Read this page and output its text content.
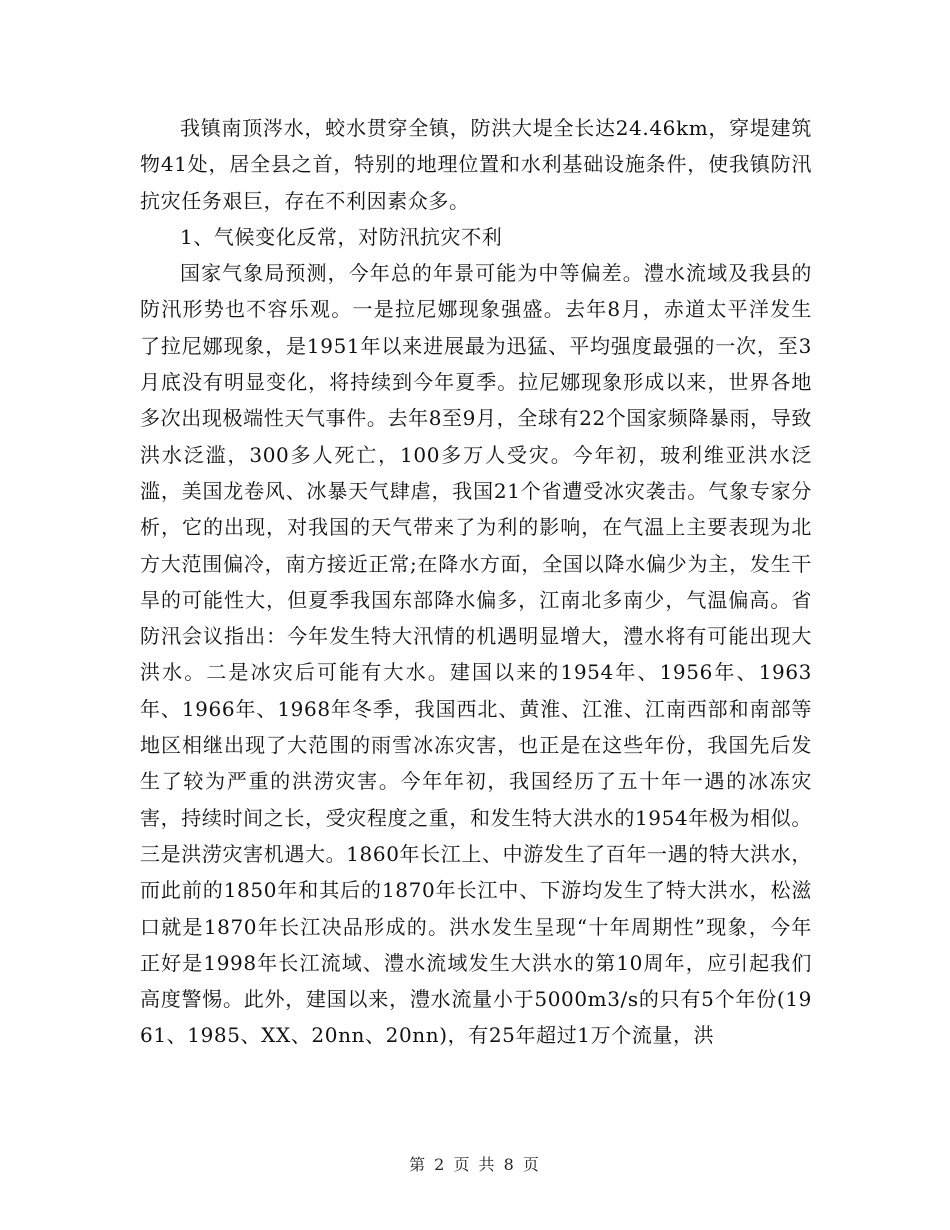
我镇南顶涔水，蛟水贯穿全镇，防洪大堤全长达24.46km，穿堤建筑物41处，居全县之首，特别的地理位置和水利基础设施条件，使我镇防汛抗灾任务艰巨，存在不利因素众多。

1、气候变化反常，对防汛抗灾不利

国家气象局预测，今年总的年景可能为中等偏差。澧水流域及我县的防汛形势也不容乐观。一是拉尼娜现象强盛。去年8月，赤道太平洋发生了拉尼娜现象，是1951年以来进展最为迅猛、平均强度最强的一次，至3月底没有明显变化，将持续到今年夏季。拉尼娜现象形成以来，世界各地多次出现极端性天气事件。去年8至9月，全球有22个国家频降暴雨，导致洪水泛滥，300多人死亡，100多万人受灾。今年初，玻利维亚洪水泛滥，美国龙卷风、冰暴天气肆虐，我国21个省遭受冰灾袭击。气象专家分析，它的出现，对我国的天气带来了为利的影响，在气温上主要表现为北方大范围偏冷，南方接近正常;在降水方面，全国以降水偏少为主，发生干旱的可能性大，但夏季我国东部降水偏多，江南北多南少，气温偏高。省防汛会议指出：今年发生特大汛情的机遇明显增大，澧水将有可能出现大洪水。二是冰灾后可能有大水。建国以来的1954年、1956年、1963年、1966年、1968年冬季，我国西北、黄淮、江淮、江南西部和南部等地区相继出现了大范围的雨雪冰冻灾害，也正是在这些年份，我国先后发生了较为严重的洪涝灾害。今年年初，我国经历了五十年一遇的冰冻灾害，持续时间之长，受灾程度之重，和发生特大洪水的1954年极为相似。三是洪涝灾害机遇大。1860年长江上、中游发生了百年一遇的特大洪水，而此前的1850年和其后的1870年长江中、下游均发生了特大洪水，松滋口就是1870年长江决品形成的。洪水发生呈现“十年周期性”现象，今年正好是1998年长江流域、澧水流域发生大洪水的第10周年，应引起我们高度警惕。此外，建国以来，澧水流量小于5000m3/s的只有5个年份(1961、1985、XX、20nn、20nn)，有25年超过1万个流量，洪

第 2 页 共 8 页
